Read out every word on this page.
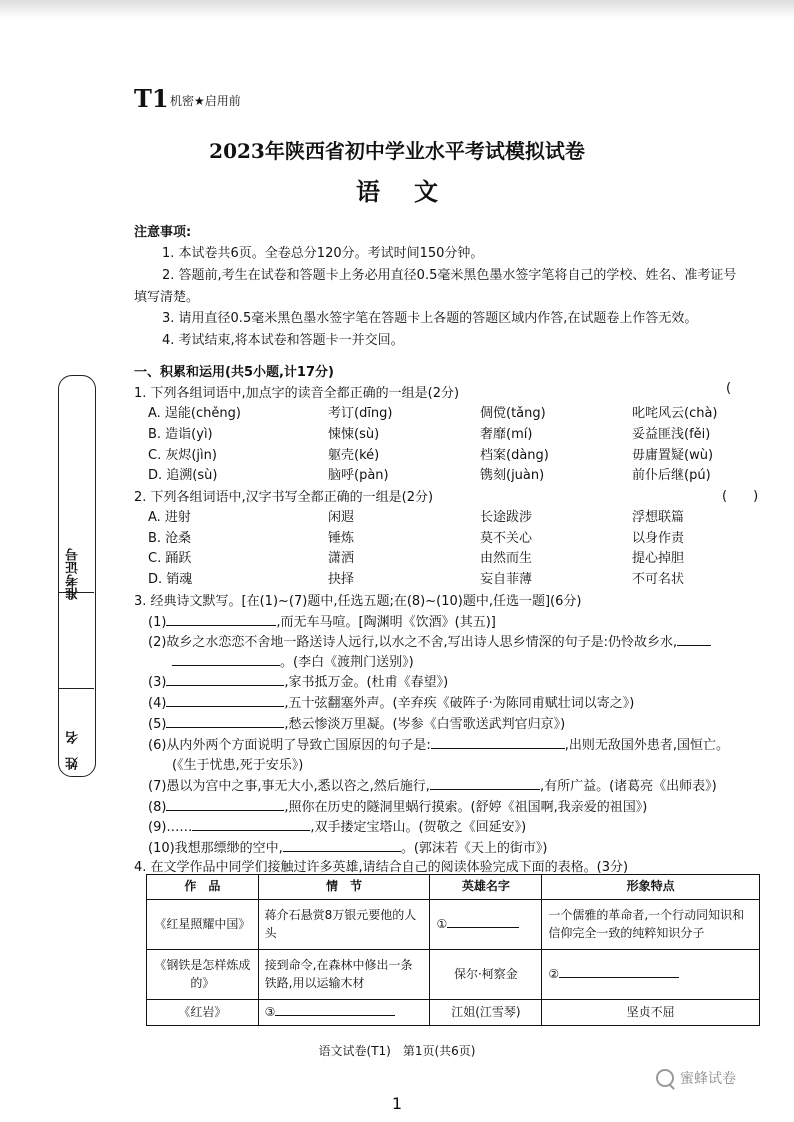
T1 机密★启用前
2023年陕西省初中学业水平考试模拟试卷
语文
注意事项:
1. 本试卷共6页。全卷总分120分。考试时间150分钟。
2. 答题前,考生在试卷和答题卡上务必用直径0.5毫米黑色墨水签字笔将自己的学校、姓名、准考证号
填写清楚。
3. 请用直径0.5毫米黑色墨水签字笔在答题卡上各题的答题区域内作答,在试题卷上作答无效。
4. 考试结束,将本试卷和答题卡一并交回。
一、积累和运用(共5小题,计17分)
1. 下列各组词语中,加点字的读音全都正确的一组是(2分)	(
A. 逞能(chěng)	考订(dīng)	倜傥(tǎng)	叱咤风云(chà)
B. 造诣(yì)	悚悚(sù)	奢靡(mí)	妥益匪浅(fěi)
C. 灰烬(jìn)	躯壳(ké)	档案(dàng)	毋庸置疑(wù)
D. 追溯(sù)	脑呼(pàn)	镌刻(juàn)	前仆后继(pú)
2. 下列各组词语中,汉字书写全都正确的一组是(2分)	(　　)
A. 进射	闲遐	长途跋涉	浮想联篇
B. 沧桑	锤炼	莫不关心	以身作责
C. 踊跃	潇洒	由然而生	提心掉胆
D. 销魂	抉择	妄自菲薄	不可名状
3. 经典诗文默写。[在(1)~(7)题中,任选五题;在(8)~(10)题中,任选一题](6分)
(1)	,而无车马喧。[陶渊明《饮酒》(其五)]
(2)故乡之水恋恋不舍地一路送诗人远行,以水之不舍,写出诗人思乡情深的句子是:仍怜故乡水,
。(李白《渡荆门送别》)
(3)	,家书抵万金。(杜甫《春望》)
(4)	,五十弦翻塞外声。(辛弃疾《破阵子·为陈同甫赋壮词以寄之》)
(5)	,愁云惨淡万里凝。(岑参《白雪歌送武判官归京》)
(6)从内外两个方面说明了导致亡国原因的句子是:	,出则无敌国外患者,国恒亡。
(《生于忧患,死于安乐》)
(7)愚以为宫中之事,事无大小,悉以咨之,然后施行,	,有所广益。(诸葛亮《出师表》)
(8)	,照你在历史的隧洞里蜗行摸索。(舒婷《祖国啊,我亲爱的祖国》)
(9)……	,双手搂定宝塔山。(贺敬之《回延安》)
(10)我想那缥缈的空中,	。(郭沫若《天上的街市》)
4. 在文学作品中同学们接触过许多英雄,请结合自己的阅读体验完成下面的表格。(3分)
作　品	情　节	英雄名字	形象特点
《红星照耀中国》	蒋介石悬赏8万银元要他的人头	①	一个儒雅的革命者,一个行动同知识和信仰完全一致的纯粹知识分子
《钢铁是怎样炼成的》	接到命令,在森林中修出一条铁路,用以运输木材	保尔·柯察金	②
《红岩》	③	江姐(江雪琴)	坚贞不屈
准考证号
姓　名
语文试卷(T1)　第1页(共6页)
1
蜜蜂试卷
